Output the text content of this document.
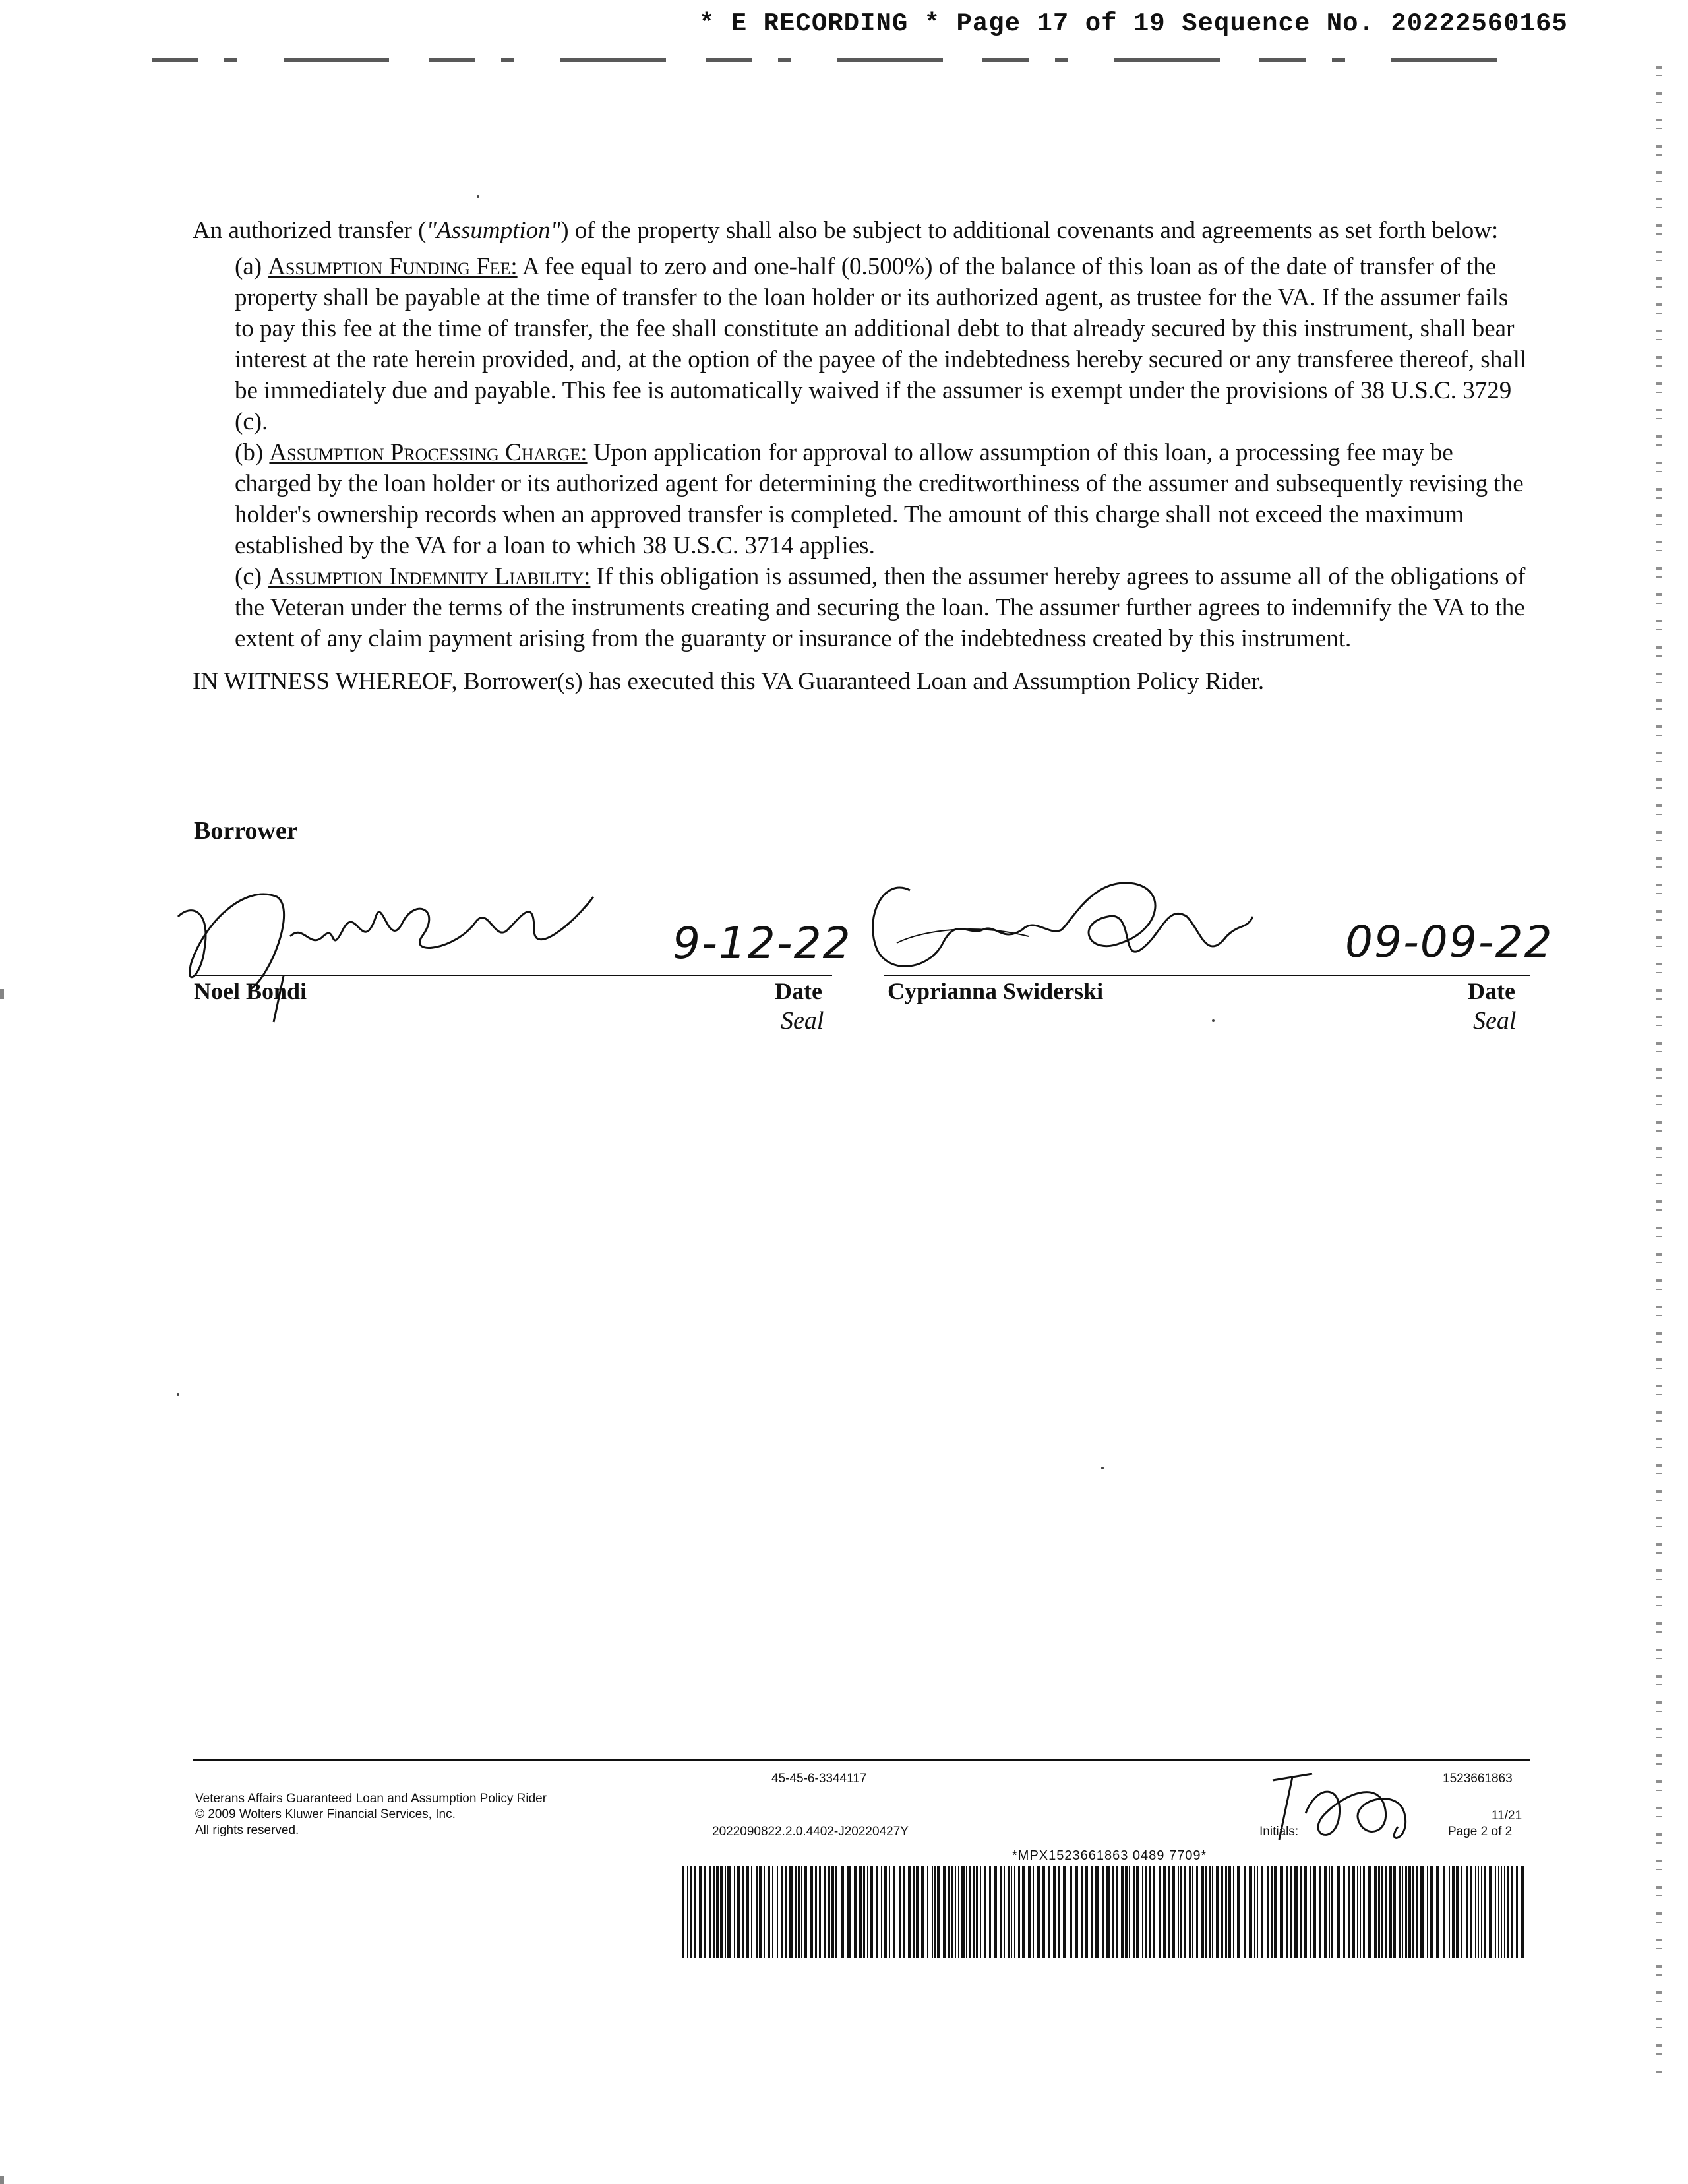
* E RECORDING * Page 17 of 19 Sequence No. 20222560165

An authorized transfer ("Assumption") of the property shall also be subject to additional covenants and agreements as set forth below:

(a) Assumption Funding Fee: A fee equal to zero and one-half (0.500%) of the balance of this loan as of the date of transfer of the property shall be payable at the time of transfer to the loan holder or its authorized agent, as trustee for the VA. If the assumer fails to pay this fee at the time of transfer, the fee shall constitute an additional debt to that already secured by this instrument, shall bear interest at the rate herein provided, and, at the option of the payee of the indebtedness hereby secured or any transferee thereof, shall be immediately due and payable. This fee is automatically waived if the assumer is exempt under the provisions of 38 U.S.C. 3729 (c).

(b) Assumption Processing Charge: Upon application for approval to allow assumption of this loan, a processing fee may be charged by the loan holder or its authorized agent for determining the creditworthiness of the assumer and subsequently revising the holder's ownership records when an approved transfer is completed. The amount of this charge shall not exceed the maximum established by the VA for a loan to which 38 U.S.C. 3714 applies.

(c) Assumption Indemnity Liability: If this obligation is assumed, then the assumer hereby agrees to assume all of the obligations of the Veteran under the terms of the instruments creating and securing the loan. The assumer further agrees to indemnify the VA to the extent of any claim payment arising from the guaranty or insurance of the indebtedness created by this instrument.

IN WITNESS WHEREOF, Borrower(s) has executed this VA Guaranteed Loan and Assumption Policy Rider.

Borrower
9-12-22
Noel Bondi	Date
Seal
09-09-22
Cyprianna Swiderski	Date
Seal
Veterans Affairs Guaranteed Loan and Assumption Policy Rider
© 2009 Wolters Kluwer Financial Services, Inc.
All rights reserved.
45-45-6-3344117
2022090822.2.0.4402-J20220427Y
1523661863
Initials:
11/21
Page 2 of 2
*MPX1523661863 0489 7709*
